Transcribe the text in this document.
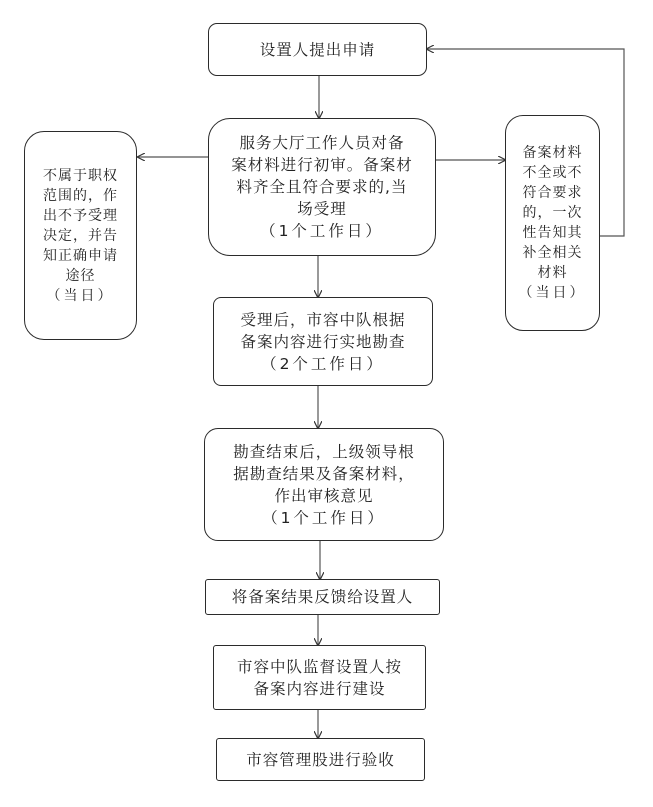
设置人提出申请
服务大厅工作人员对备
案材料进行初审。备案材
料齐全且符合要求的,当
场受理
（1个工作日）
不属于职权
范围的，作
出不予受理
决定，并告
知正确申请
途径
（当日）
备案材料
不全或不
符合要求
的，一次
性告知其
补全相关
材料
（当日）
受理后，市容中队根据
备案内容进行实地勘查
（2个工作日）
勘查结束后，上级领导根
据勘查结果及备案材料，
作出审核意见
（1个工作日）
将备案结果反馈给设置人
市容中队监督设置人按
备案内容进行建设
市容管理股进行验收
